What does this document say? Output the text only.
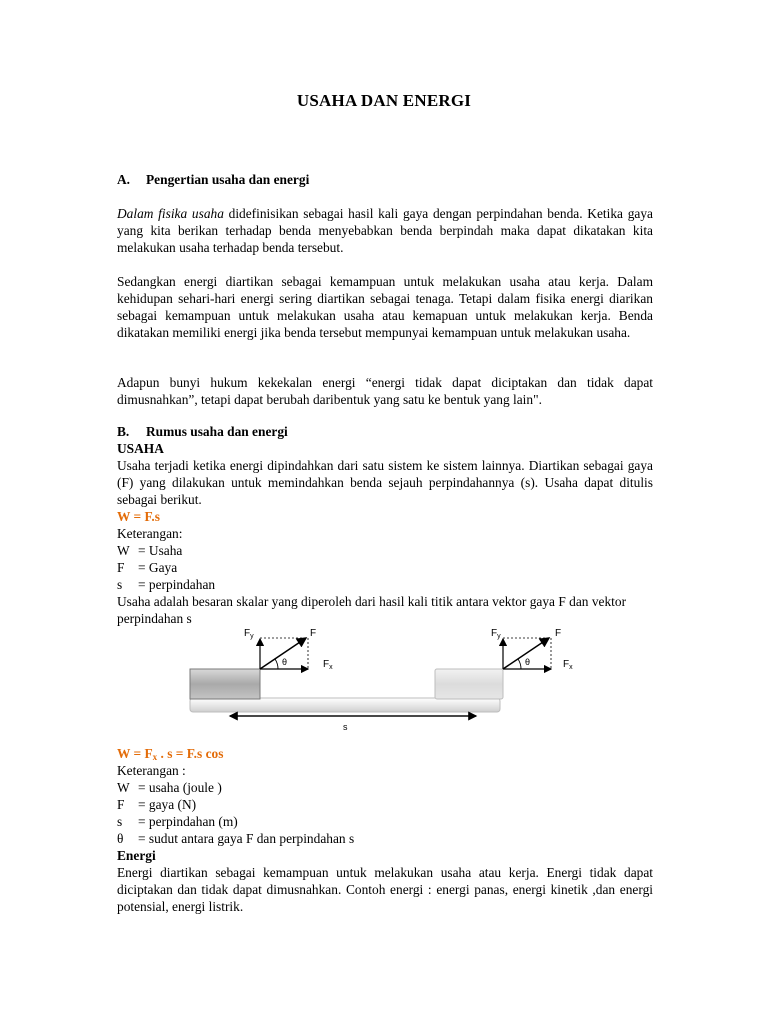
USAHA DAN ENERGI
A. Pengertian usaha dan energi
Dalam fisika usaha didefinisikan sebagai hasil kali gaya dengan perpindahan benda. Ketika gaya yang kita berikan terhadap benda menyebabkan benda berpindah maka dapat dikatakan kita melakukan usaha terhadap benda tersebut.
Sedangkan energi diartikan sebagai kemampuan untuk melakukan usaha atau kerja. Dalam kehidupan sehari-hari energi sering diartikan sebagai tenaga. Tetapi dalam fisika energi diarikan sebagai kemampuan untuk melakukan usaha atau kemapuan untuk melakukan kerja. Benda dikatakan memiliki energi jika benda tersebut mempunyai kemampuan untuk melakukan usaha.
Adapun bunyi hukum kekekalan energi “energi tidak dapat diciptakan dan tidak dapat dimusnahkan”, tetapi dapat berubah daribentuk yang satu ke bentuk yang lain".
B. Rumus usaha dan energi
USAHA
Usaha terjadi ketika energi dipindahkan dari satu sistem ke sistem lainnya. Diartikan sebagai gaya (F) yang dilakukan untuk memindahkan benda sejauh perpindahannya (s). Usaha dapat ditulis sebagai berikut.
W = F.s
Keterangan:
W = Usaha
F = Gaya
s = perpindahan
Usaha adalah besaran skalar yang diperoleh dari hasil kali titik antara vektor gaya F dan vektor perpindahan s
$F_y$	F
θ	$F_x$
$F_y$	F
θ	$F_x$
s
$W = F_x$ . s = F.s cos
Keterangan :
W = usaha (joule )
F = gaya (N)
s = perpindahan (m)
θ = sudut antara gaya F dan perpindahan s
Energi
Energi diartikan sebagai kemampuan untuk melakukan usaha atau kerja. Energi tidak dapat diciptakan dan tidak dapat dimusnahkan. Contoh energi : energi panas, energi kinetik ,dan energi potensial, energi listrik.
